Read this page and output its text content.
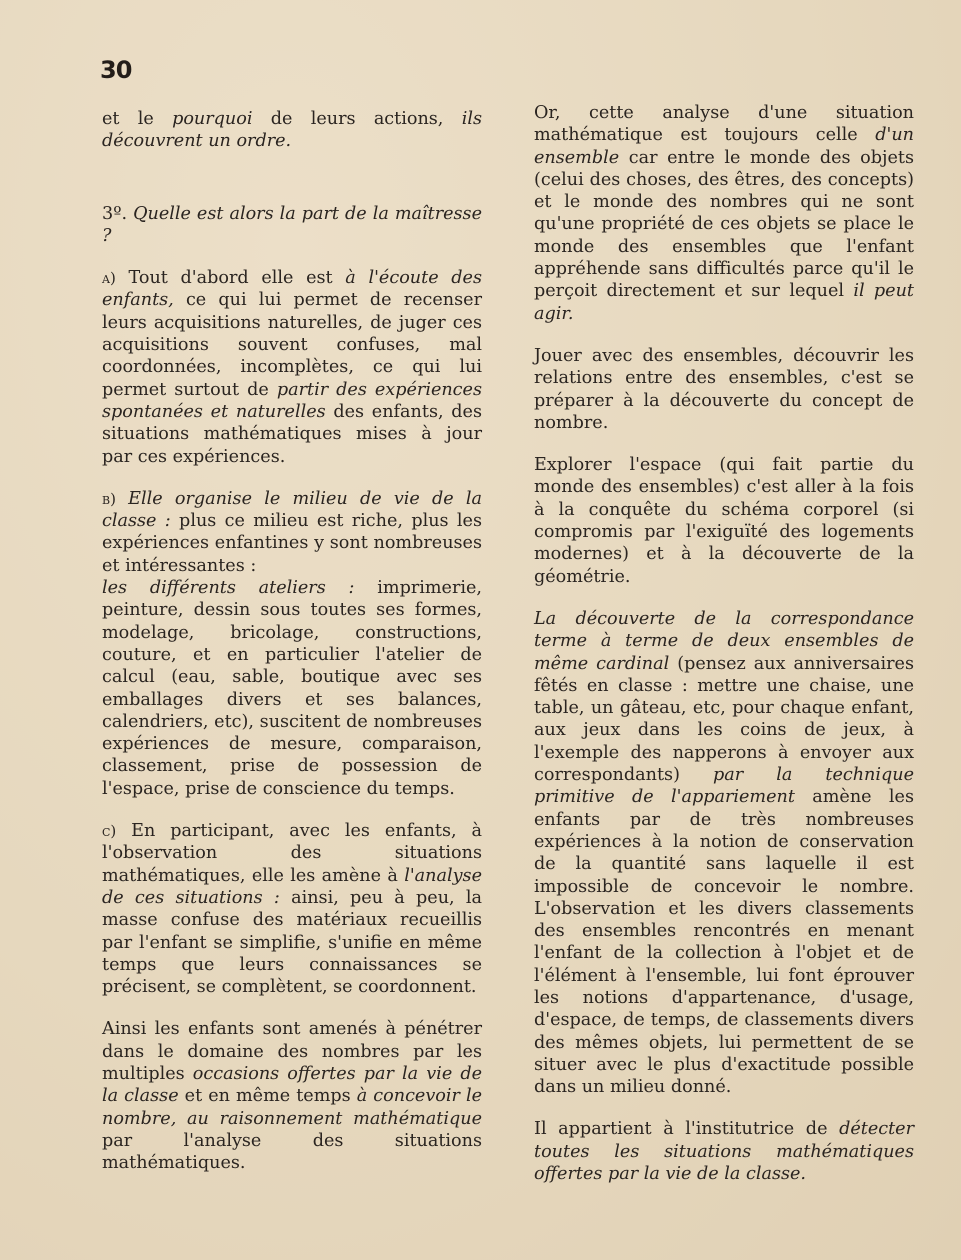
30

et le pourquoi de leurs actions, ils découvrent un ordre.

3º. Quelle est alors la part de la maîtresse ?

a) Tout d'abord elle est à l'écoute des enfants, ce qui lui permet de recenser leurs acquisitions naturelles, de juger ces acquisitions souvent confuses, mal coordonnées, incomplètes, ce qui lui permet surtout de partir des expériences spontanées et naturelles des enfants, des situations mathématiques mises à jour par ces expériences.

b) Elle organise le milieu de vie de la classe : plus ce milieu est riche, plus les expériences enfantines y sont nombreuses et intéressantes :

les différents ateliers : imprimerie, peinture, dessin sous toutes ses formes, modelage, bricolage, constructions, couture, et en particulier l'atelier de calcul (eau, sable, boutique avec ses emballages divers et ses balances, calendriers, etc), suscitent de nombreuses expériences de mesure, comparaison, classement, prise de possession de l'espace, prise de conscience du temps.

c) En participant, avec les enfants, à l'observation des situations mathématiques, elle les amène à l'analyse de ces situations : ainsi, peu à peu, la masse confuse des matériaux recueillis par l'enfant se simplifie, s'unifie en même temps que leurs connaissances se précisent, se complètent, se coordonnent.

Ainsi les enfants sont amenés à pénétrer dans le domaine des nombres par les multiples occasions offertes par la vie de la classe et en même temps à concevoir le nombre, au raisonnement mathématique par l'analyse des situations mathématiques.

Or, cette analyse d'une situation mathématique est toujours celle d'un ensemble car entre le monde des objets (celui des choses, des êtres, des concepts) et le monde des nombres qui ne sont qu'une propriété de ces objets se place le monde des ensembles que l'enfant appréhende sans difficultés parce qu'il le perçoit directement et sur lequel il peut agir.

Jouer avec des ensembles, découvrir les relations entre des ensembles, c'est se préparer à la découverte du concept de nombre.

Explorer l'espace (qui fait partie du monde des ensembles) c'est aller à la fois à la conquête du schéma corporel (si compromis par l'exiguïté des logements modernes) et à la découverte de la géométrie.

La découverte de la correspondance terme à terme de deux ensembles de même cardinal (pensez aux anniversaires fêtés en classe : mettre une chaise, une table, un gâteau, etc, pour chaque enfant, aux jeux dans les coins de jeux, à l'exemple des napperons à envoyer aux correspondants) par la technique primitive de l'appariement amène les enfants par de très nombreuses expériences à la notion de conservation de la quantité sans laquelle il est impossible de concevoir le nombre. L'observation et les divers classements des ensembles rencontrés en menant l'enfant de la collection à l'objet et de l'élément à l'ensemble, lui font éprouver les notions d'appartenance, d'usage, d'espace, de temps, de classements divers des mêmes objets, lui permettent de se situer avec le plus d'exactitude possible dans un milieu donné.

Il appartient à l'institutrice de détecter toutes les situations mathématiques offertes par la vie de la classe.
